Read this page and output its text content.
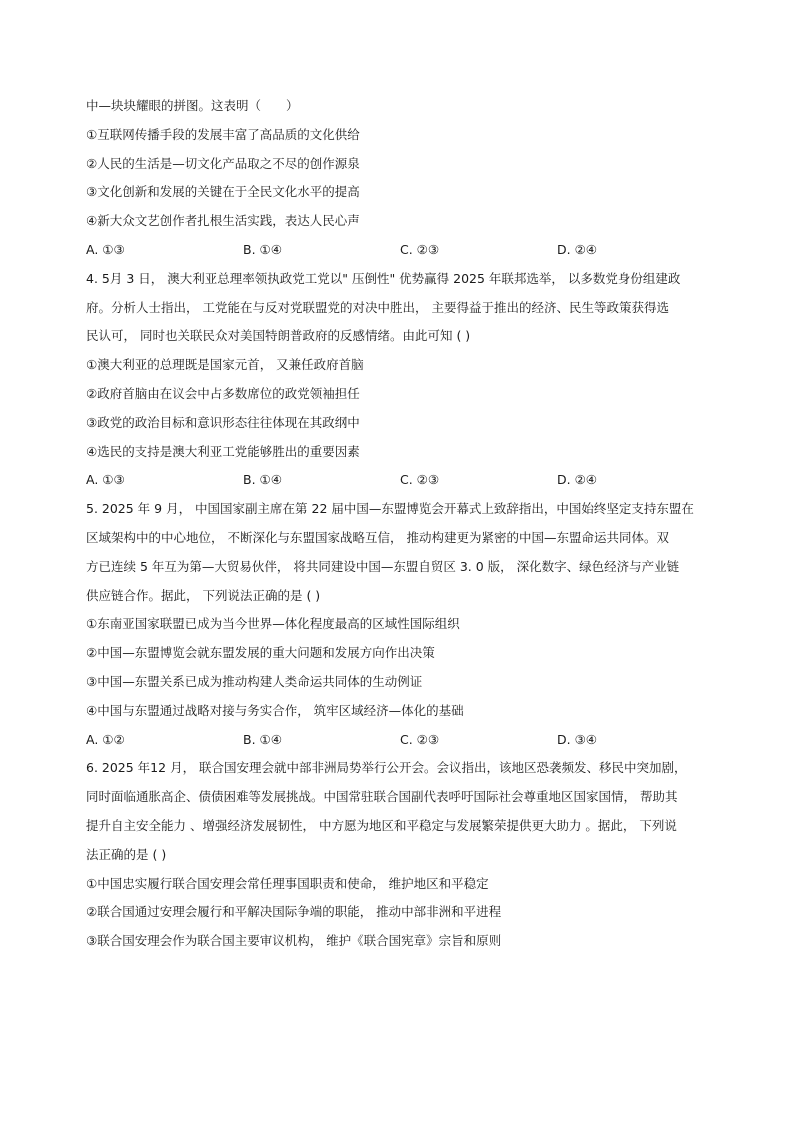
中—块块耀眼的拼图。这表明（　　）
①互联网传播手段的发展丰富了高品质的文化供给
②人民的生活是—切文化产品取之不尽的创作源泉
③文化创新和发展的关键在于全民文化水平的提高
④新大众文艺创作者扎根生活实践，表达人民心声
A. ①③	B. ①④	C. ②③	D. ②④
4. 5月 3 日， 澳大利亚总理率领执政党工党以" 压倒性" 优势赢得 2025 年联邦选举， 以多数党身份组建政
府。分析人士指出， 工党能在与反对党联盟党的对决中胜出， 主要得益于推出的经济、民生等政策获得选
民认可， 同时也关联民众对美国特朗普政府的反感情绪。由此可知 ( )
①澳大利亚的总理既是国家元首， 又兼任政府首脑
②政府首脑由在议会中占多数席位的政党领袖担任
③政党的政治目标和意识形态往往体现在其政纲中
④选民的支持是澳大利亚工党能够胜出的重要因素
A. ①③	B. ①④	C. ②③	D. ②④
5. 2025 年 9 月， 中国国家副主席在第 22 届中国—东盟博览会开幕式上致辞指出，中国始终坚定支持东盟在
区域架构中的中心地位， 不断深化与东盟国家战略互信， 推动构建更为紧密的中国—东盟命运共同体。双
方已连续 5 年互为第—大贸易伙伴， 将共同建设中国—东盟自贸区 3. 0 版， 深化数字、绿色经济与产业链
供应链合作。据此， 下列说法正确的是 ( )
①东南亚国家联盟已成为当今世界—体化程度最高的区域性国际组织
②中国—东盟博览会就东盟发展的重大问题和发展方向作出决策
③中国—东盟关系已成为推动构建人类命运共同体的生动例证
④中国与东盟通过战略对接与务实合作， 筑牢区域经济—体化的基础
A. ①②	B. ①④	C. ②③	D. ③④
6. 2025 年12 月， 联合国安理会就中部非洲局势举行公开会。会议指出，该地区恐袭频发、移民中突加剧，
同时面临通胀高企、债债困难等发展挑战。中国常驻联合国副代表呼吁国际社会尊重地区国家国情， 帮助其
提升自主安全能力 、增强经济发展韧性， 中方愿为地区和平稳定与发展繁荣提供更大助力 。据此， 下列说
法正确的是 ( )
①中国忠实履行联合国安理会常任理事国职责和使命， 维护地区和平稳定
②联合国通过安理会履行和平解决国际争端的职能， 推动中部非洲和平进程
③联合国安理会作为联合国主要审议机构， 维护《联合国宪章》宗旨和原则
